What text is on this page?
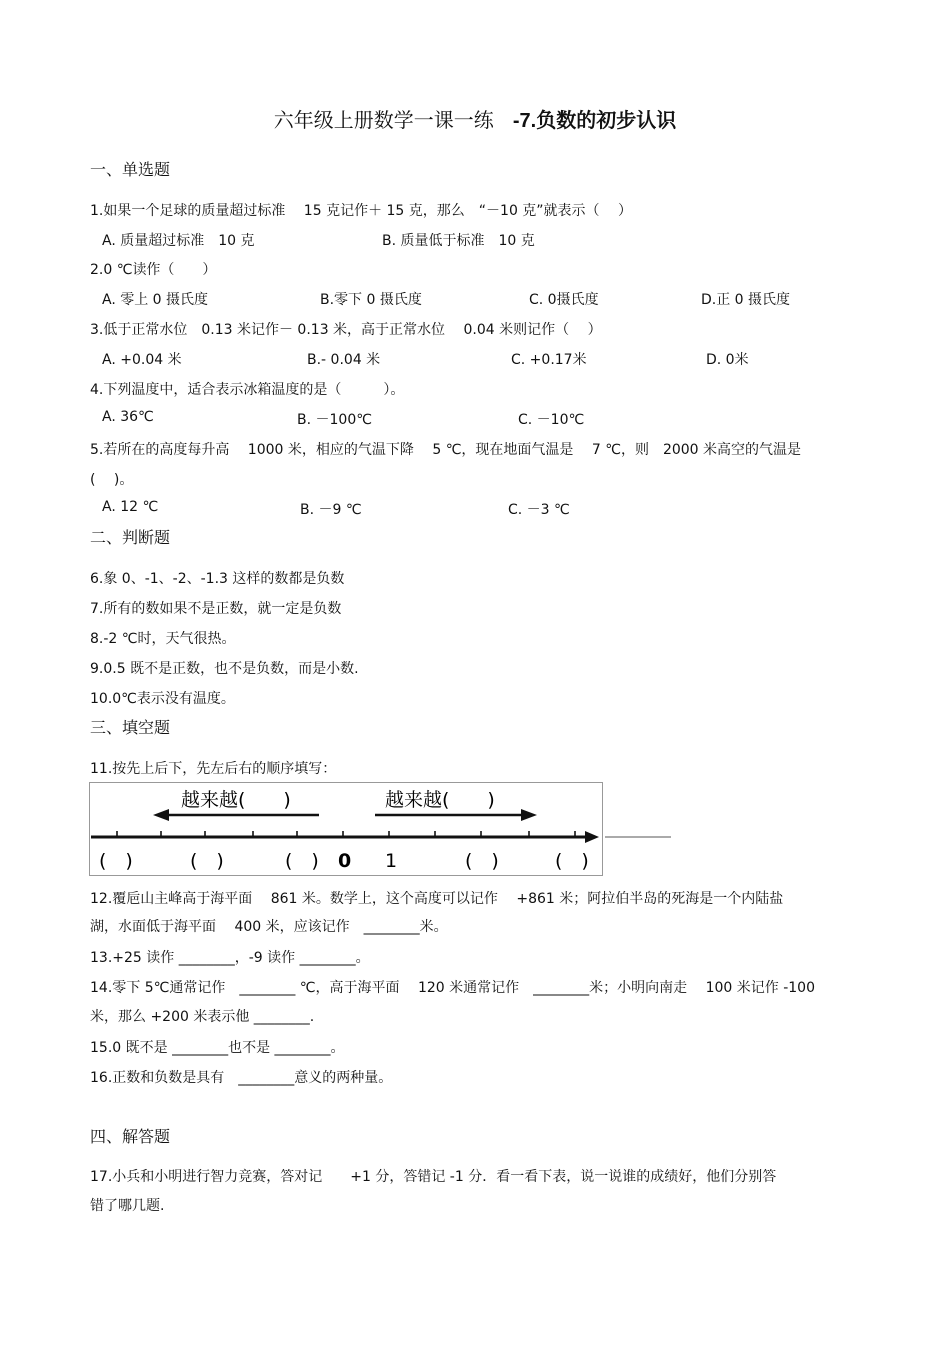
六年级上册数学一课一练 -7.负数的初步认识
一、单选题
1.如果一个足球的质量超过标准　 15 克记作＋ 15 克，那么　“－10 克”就表示（　 ）
A. 质量超过标准　10 克	B. 质量低于标准　10 克
2.0 ℃读作（　　）
A. 零上 0 摄氏度	B.零下 0 摄氏度	C. 0摄氏度	D.正 0 摄氏度
3.低于正常水位　0.13 米记作－ 0.13 米，高于正常水位　 0.04 米则记作（　 ）
A. +0.04 米	B.- 0.04 米	C. +0.17米	D. 0米
4.下列温度中，适合表示冰箱温度的是（　　　）。
A. 36℃	B. －100℃	C. －10℃
5.若所在的高度每升高　 1000 米，相应的气温下降　 5 ℃，现在地面气温是　 7 ℃，则　2000 米高空的气温是
(　 )。
A. 12 ℃	B. －9 ℃	C. －3 ℃
二、判断题
6.象 0、-1、-2、-1.3 这样的数都是负数
7.所有的数如果不是正数，就一定是负数
8.-2 ℃时，天气很热。
9.0.5 既不是正数，也不是负数，而是小数.
10.0℃表示没有温度。
三、填空题
11.按先上后下，先左后右的顺序填写：
越来越(　　)	越来越(　　)
(　)	(　)	(　) 0 1	(　)	(　)
12.覆巵山主峰高于海平面　 861 米。数学上，这个高度可以记作　 +861 米；阿拉伯半岛的死海是一个内陆盐
湖，水面低于海平面　 400 米，应该记作　________米。
13.+25 读作 ________，-9 读作 ________。
14.零下 5℃通常记作　________ ℃，高于海平面　 120 米通常记作　________米；小明向南走　 100 米记作 -100
米，那么 +200 米表示他 ________.
15.0 既不是 ________也不是 ________。
16.正数和负数是具有　________意义的两种量。
四、解答题
17.小兵和小明进行智力竞赛，答对记　　+1 分，答错记 -1 分．看一看下表，说一说谁的成绩好，他们分别答
错了哪几题.
